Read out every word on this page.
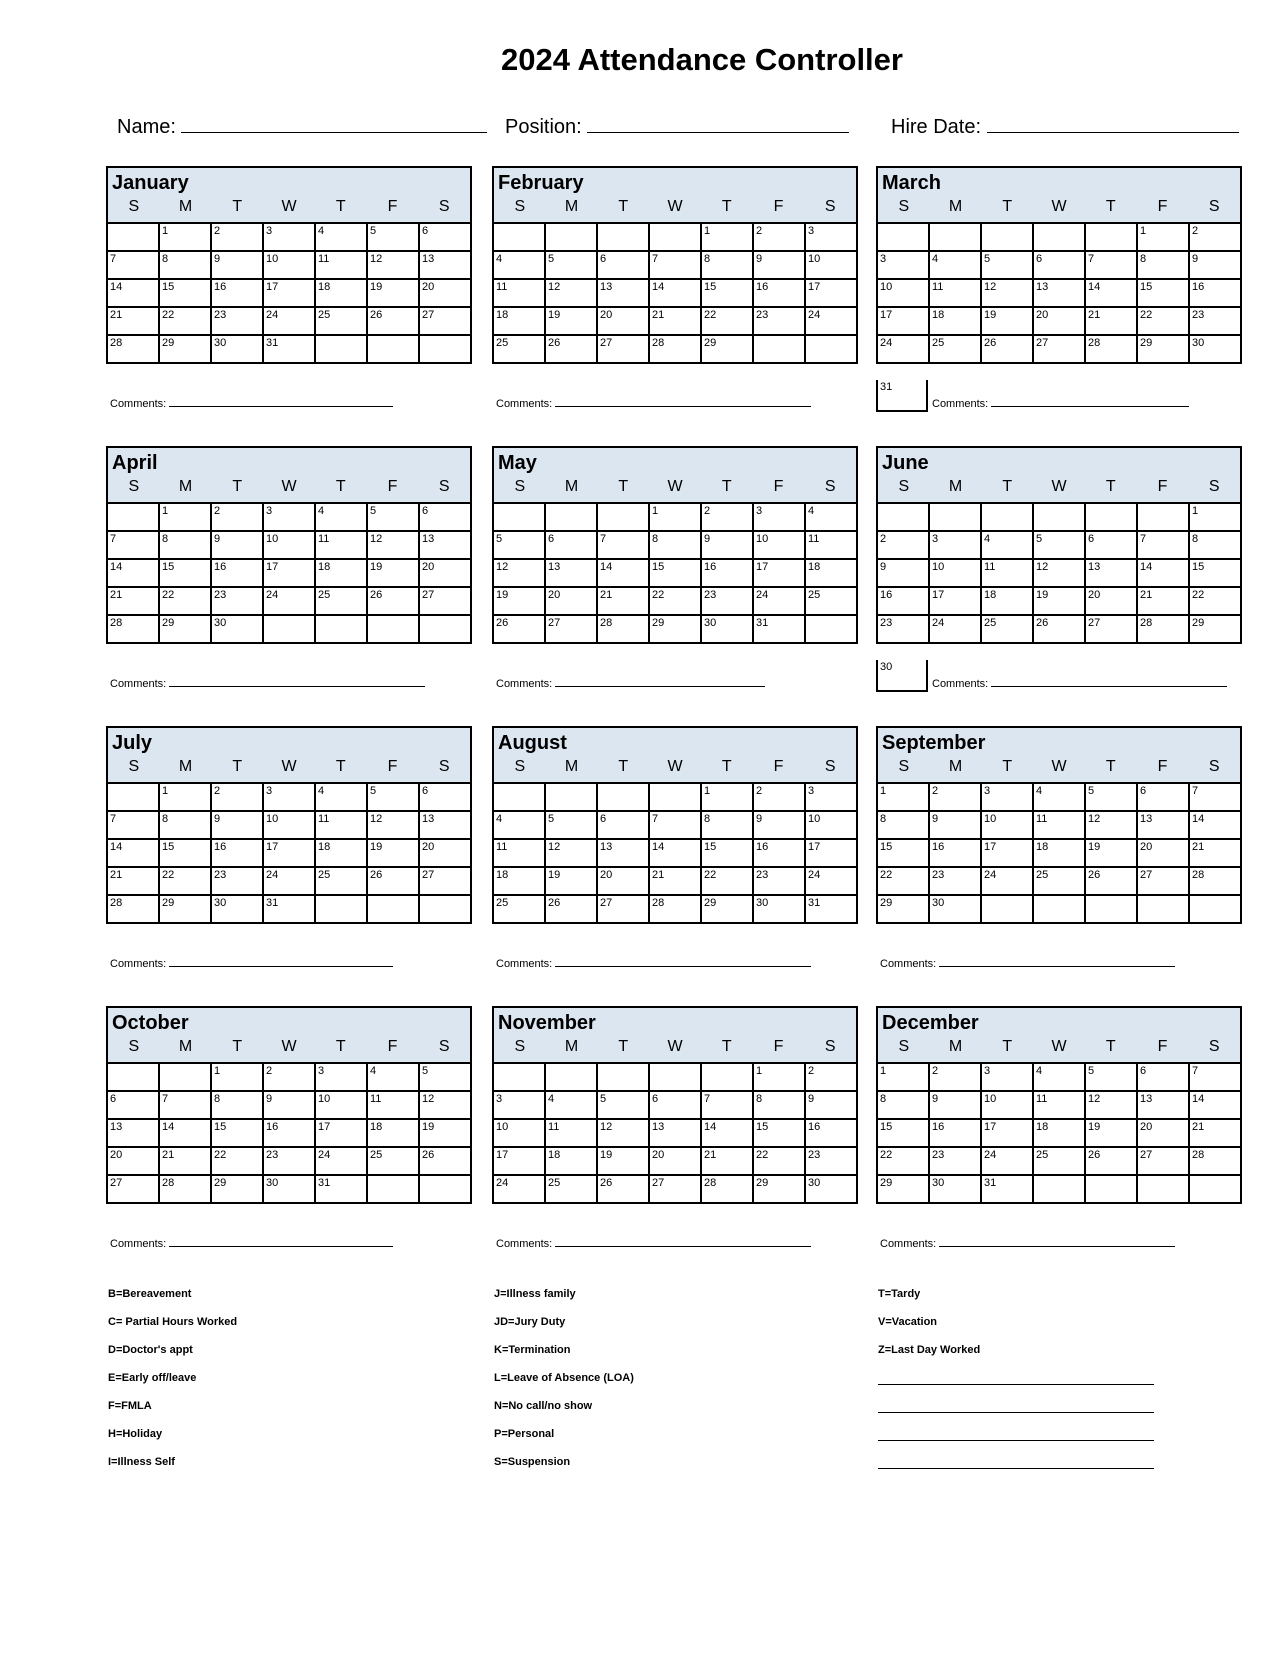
2024 Attendance Controller
Name:	Position:	Hire Date:
January
S	M	T	W	T	F	S
	1	2	3	4	5	6
7	8	9	10	11	12	13
14	15	16	17	18	19	20
21	22	23	24	25	26	27
28	29	30	31			
Comments:
February
S	M	T	W	T	F	S
				1	2	3
4	5	6	7	8	9	10
11	12	13	14	15	16	17
18	19	20	21	22	23	24
25	26	27	28	29		
Comments:
March
S	M	T	W	T	F	S
					1	2
3	4	5	6	7	8	9
10	11	12	13	14	15	16
17	18	19	20	21	22	23
24	25	26	27	28	29	30
31
Comments:
April
S	M	T	W	T	F	S
	1	2	3	4	5	6
7	8	9	10	11	12	13
14	15	16	17	18	19	20
21	22	23	24	25	26	27
28	29	30				
Comments:
May
S	M	T	W	T	F	S
			1	2	3	4
5	6	7	8	9	10	11
12	13	14	15	16	17	18
19	20	21	22	23	24	25
26	27	28	29	30	31	
Comments:
June
S	M	T	W	T	F	S
						1
2	3	4	5	6	7	8
9	10	11	12	13	14	15
16	17	18	19	20	21	22
23	24	25	26	27	28	29
30
Comments:
July
S	M	T	W	T	F	S
	1	2	3	4	5	6
7	8	9	10	11	12	13
14	15	16	17	18	19	20
21	22	23	24	25	26	27
28	29	30	31			
Comments:
August
S	M	T	W	T	F	S
				1	2	3
4	5	6	7	8	9	10
11	12	13	14	15	16	17
18	19	20	21	22	23	24
25	26	27	28	29	30	31
Comments:
September
S	M	T	W	T	F	S
1	2	3	4	5	6	7
8	9	10	11	12	13	14
15	16	17	18	19	20	21
22	23	24	25	26	27	28
29	30					
Comments:
October
S	M	T	W	T	F	S
		1	2	3	4	5
6	7	8	9	10	11	12
13	14	15	16	17	18	19
20	21	22	23	24	25	26
27	28	29	30	31		
Comments:
November
S	M	T	W	T	F	S
					1	2
3	4	5	6	7	8	9
10	11	12	13	14	15	16
17	18	19	20	21	22	23
24	25	26	27	28	29	30
Comments:
December
S	M	T	W	T	F	S
1	2	3	4	5	6	7
8	9	10	11	12	13	14
15	16	17	18	19	20	21
22	23	24	25	26	27	28
29	30	31				
Comments:
B=Bereavement
C= Partial Hours Worked
D=Doctor's appt
E=Early off/leave
F=FMLA
H=Holiday
I=Illness Self
J=Illness family
JD=Jury Duty
K=Termination
L=Leave of Absence (LOA)
N=No call/no show
P=Personal
S=Suspension
T=Tardy
V=Vacation
Z=Last Day Worked
